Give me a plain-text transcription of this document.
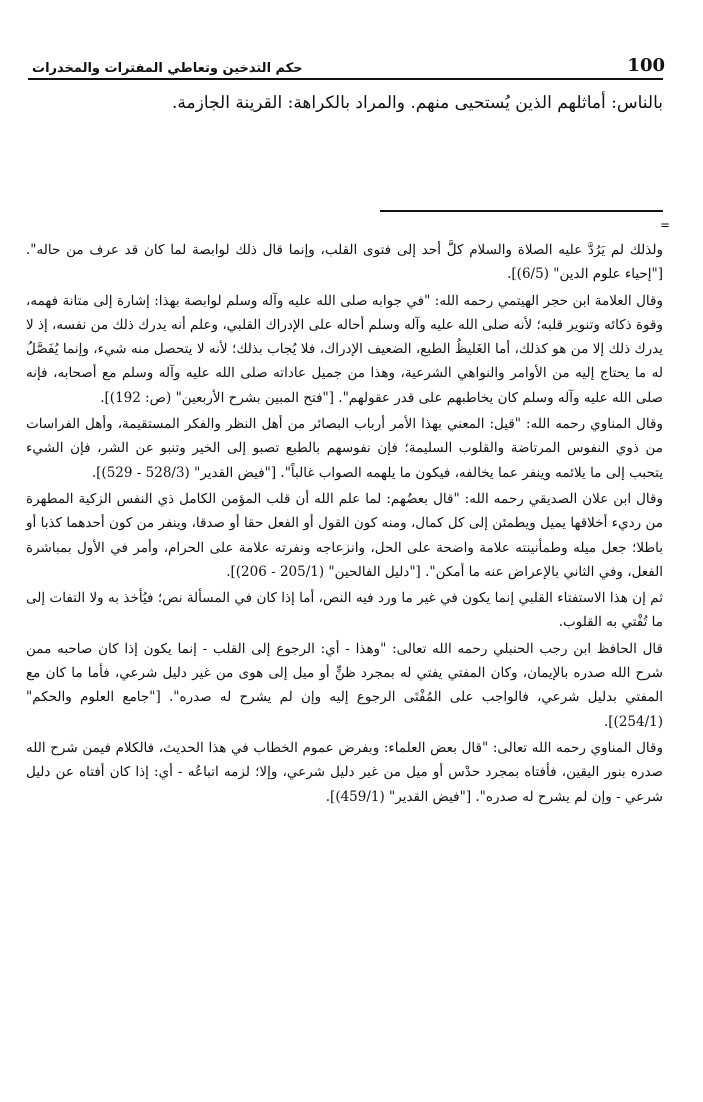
100
حكم التدخين وتعاطي المفترات والمخدرات
بالناس: أماثلهم الذين يُستحيى منهم. والمراد بالكراهة: القرينة الجازمة.
=

ولذلك لم يَرُدَّ عليه الصلاة والسلام كلَّ أحد إلى فتوى القلب، وإنما قال ذلك لوابصة لما كان قد عرف من حاله". ["إحياء علوم الدين" (6/5)].

وقال العلامة ابن حجر الهيتمي رحمه الله: "في جوابه صلى الله عليه وآله وسلم لوابصة بهذا: إشارة إلى متانة فهمه، وقوة ذكائه وتنوير قلبه؛ لأنه صلى الله عليه وآله وسلم أحاله على الإدراك القلبي، وعلم أنه يدرك ذلك من نفسه، إذ لا يدرك ذلك إلا من هو كذلك، أما الغَليظُ الطبع، الضعيف الإدراك، فلا يُجاب بذلك؛ لأنه لا يتحصل منه شيء، وإنما يُفَصَّلُ له ما يحتاج إليه من الأوامر والنواهي الشرعية، وهذا من جميل عاداته صلى الله عليه وآله وسلم مع أصحابه، فإنه صلى الله عليه وآله وسلم كان يخاطبهم على قدر عقولهم". ["فتح المبين بشرح الأربعين" (ص: 192)].

وقال المناوي رحمه الله: "قيل: المعني بهذا الأمر أرباب البصائر من أهل النظر والفكر المستقيمة، وأهل الفراسات من ذوي النفوس المرتاضة والقلوب السليمة؛ فإن نفوسهم بالطبع تصبو إلى الخير وتنبو عن الشر، فإن الشيء يتحبب إلى ما يلائمه وينفر عما يخالفه، فيكون ما يلهمه الصواب غالباً". ["فيض القدير" (528/3 - 529)].

وقال ابن علان الصديقي رحمه الله: "قال بعضُهم: لما علم الله أن قلب المؤمن الكامل ذي النفس الزكية المطهرة من رديء أخلاقها يميل ويطمئن إلى كل كمال، ومنه كون القول أو الفعل حقا أو صدقا، وينفر من كون أحدهما كذبا أو باطلا؛ جعل ميله وطمأنينته علامة واضحة على الحل، وانزعاجه ونفرته علامة على الحرام، وأمر في الأول بمباشرة الفعل، وفي الثاني بالإعراض عنه ما أمكن". ["دليل الفالحين" (205/1 - 206)].

ثم إن هذا الاستفتاء القلبي إنما يكون في غير ما ورد فيه النص، أما إذا كان في المسألة نص؛ فيُأخذ به ولا التفات إلى ما تُفْتي به القلوب.

قال الحافظ ابن رجب الحنبلي رحمه الله تعالى: "وهذا - أي: الرجوع إلى القلب - إنما يكون إذا كان صاحبه ممن شرح الله صدره بالإيمان، وكان المفتي يفتي له بمجرد ظنٍّ أو ميل إلى هوى من غير دليل شرعي، فأما ما كان مع المفتي بدليل شرعي، فالواجب على المُفْتَى الرجوع إليه وإن لم يشرح له صدره". ["جامع العلوم والحكم" (254/1)].

وقال المناوي رحمه الله تعالى: "قال بعض العلماء: وبفرض عموم الخطاب في هذا الحديث، فالكلام فيمن شرح الله صدره بنور اليقين، فأفتاه بمجرد حدْس أو ميل من غير دليل شرعي، وإلا؛ لزمه اتباعُه - أي: إذا كان أفتاه عن دليل شرعي - وإن لم يشرح له صدره". ["فيض القدير" (459/1)].
